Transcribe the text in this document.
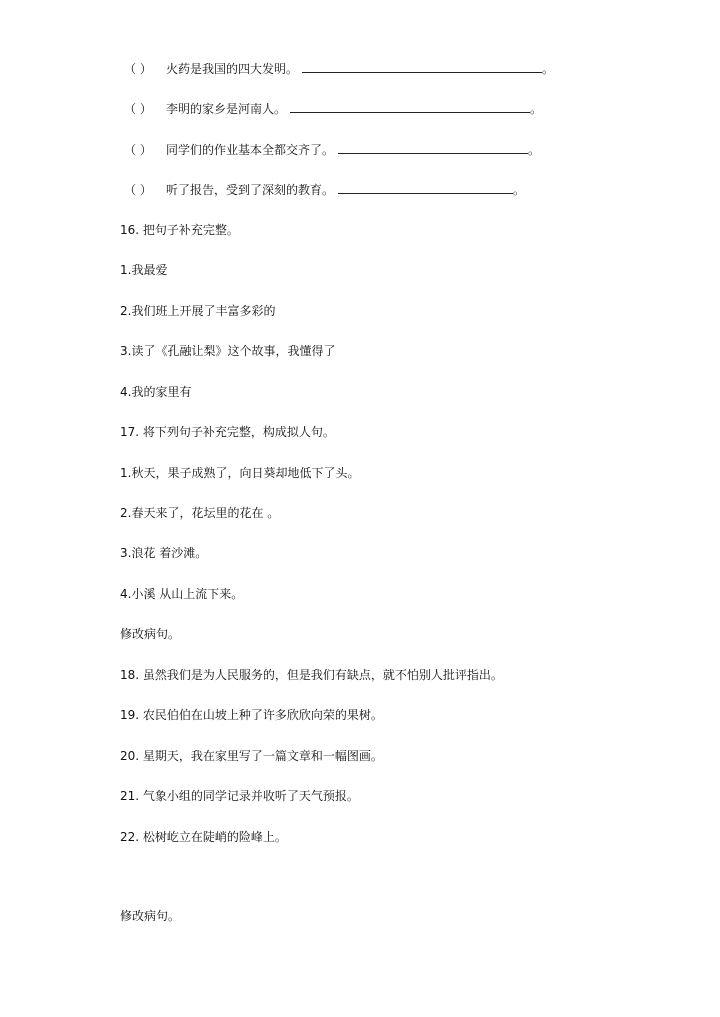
（ ） 火药是我国的四大发明。	。
（ ） 李明的家乡是河南人。	。
（ ） 同学们的作业基本全都交齐了。	。
（ ） 听了报告，受到了深刻的教育。	。
16. 把句子补充完整。
1.我最爱
2.我们班上开展了丰富多彩的
3.读了《孔融让梨》这个故事，我懂得了
4.我的家里有
17. 将下列句子补充完整，构成拟人句。
1.秋天，果子成熟了，向日葵却地低下了头。
2.春天来了，花坛里的花在 。
3.浪花 着沙滩。
4.小溪 从山上流下来。
修改病句。
18. 虽然我们是为人民服务的，但是我们有缺点，就不怕别人批评指出。
19. 农民伯伯在山坡上种了许多欣欣向荣的果树。
20. 星期天，我在家里写了一篇文章和一幅图画。
21. 气象小组的同学记录并收听了天气预报。
22. 松树屹立在陡峭的险峰上。
修改病句。
